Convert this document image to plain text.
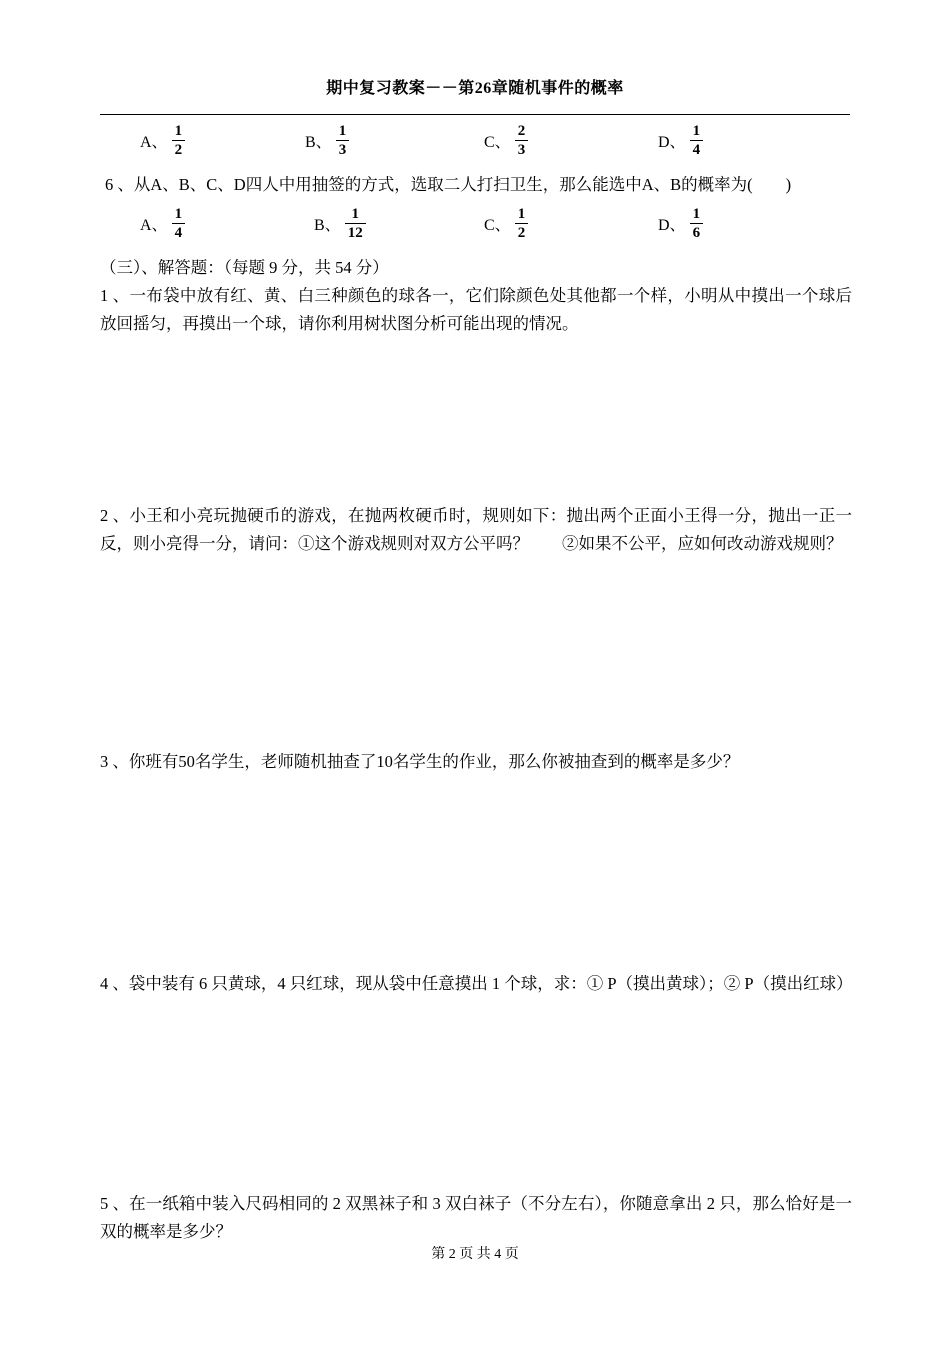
期中复习教案－－第26章随机事件的概率
A、 $\frac{1}{2}$	B、 $\frac{1}{3}$	C、 $\frac{2}{3}$	D、 $\frac{1}{4}$
6 、从A、B、C、D四人中用抽签的方式，选取二人打扫卫生，那么能选中A、B的概率为(　　)
A、 $\frac{1}{4}$	B、 $\frac{1}{12}$	C、 $\frac{1}{2}$	D、 $\frac{1}{6}$
（三）、解答题：（每题 9 分，共 54 分）
1 、一布袋中放有红、黄、白三种颜色的球各一，它们除颜色处其他都一个样，小明从中摸出一个球后放回摇匀，再摸出一个球，请你利用树状图分析可能出现的情况。
2 、小王和小亮玩抛硬币的游戏，在抛两枚硬币时，规则如下：抛出两个正面小王得一分，抛出一正一反，则小亮得一分，请问：①这个游戏规则对双方公平吗？　　②如果不公平，应如何改动游戏规则？
3 、你班有50名学生，老师随机抽查了10名学生的作业，那么你被抽查到的概率是多少？
4 、袋中装有 6 只黄球，4 只红球，现从袋中任意摸出 1 个球，求：① P（摸出黄球）；② P（摸出红球）
5 、在一纸箱中装入尺码相同的 2 双黑袜子和 3 双白袜子（不分左右），你随意拿出 2 只，那么恰好是一双的概率是多少？
第 2 页 共 4 页
